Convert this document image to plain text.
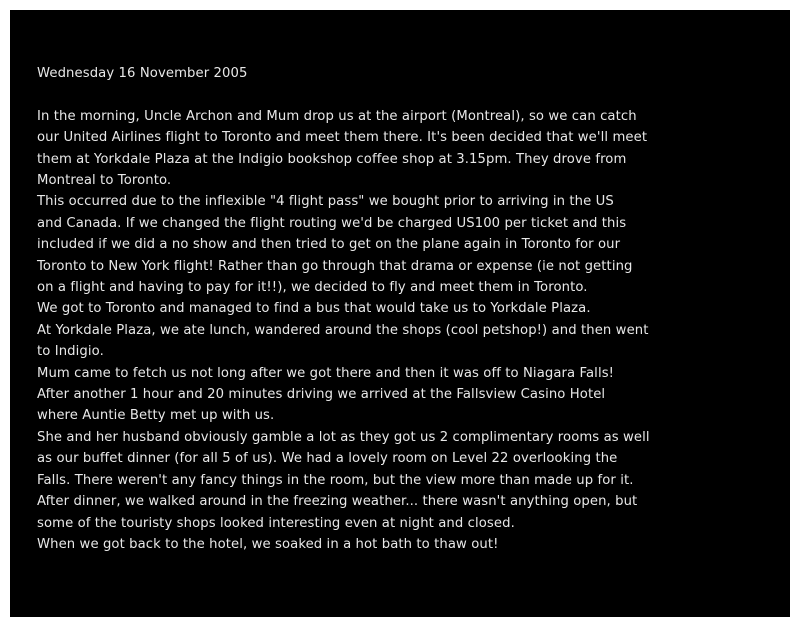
Wednesday 16 November 2005
In the morning, Uncle Archon and Mum drop us at the airport (Montreal), so we can catch
our United Airlines flight to Toronto and meet them there. It's been decided that we'll meet
them at Yorkdale Plaza at the Indigio bookshop coffee shop at 3.15pm. They drove from
Montreal to Toronto.
This occurred due to the inflexible "4 flight pass" we bought prior to arriving in the US
and Canada. If we changed the flight routing we'd be charged US100 per ticket and this
included if we did a no show and then tried to get on the plane again in Toronto for our
Toronto to New York flight! Rather than go through that drama or expense (ie not getting
on a flight and having to pay for it!!), we decided to fly and meet them in Toronto.
We got to Toronto and managed to find a bus that would take us to Yorkdale Plaza.
At Yorkdale Plaza, we ate lunch, wandered around the shops (cool petshop!) and then went
to Indigio.
Mum came to fetch us not long after we got there and then it was off to Niagara Falls!
After another 1 hour and 20 minutes driving we arrived at the Fallsview Casino Hotel
where Auntie Betty met up with us.
She and her husband obviously gamble a lot as they got us 2 complimentary rooms as well
as our buffet dinner (for all 5 of us). We had a lovely room on Level 22 overlooking the
Falls. There weren't any fancy things in the room, but the view more than made up for it.
After dinner, we walked around in the freezing weather... there wasn't anything open, but
some of the touristy shops looked interesting even at night and closed.
When we got back to the hotel, we soaked in a hot bath to thaw out!
